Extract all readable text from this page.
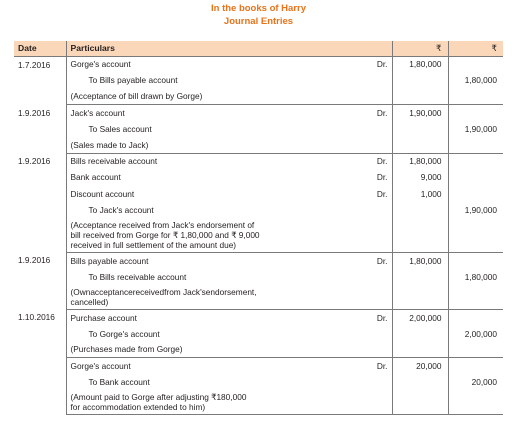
In the books of Harry
Journal Entries
Date	Particulars		₹	₹
1.7.2016	Gorge's account	Dr.	1,80,000	
	To Bills payable account			1,80,000
	(Acceptance of bill drawn by Gorge)			
1.9.2016	Jack's account	Dr.	1,90,000	
	To Sales account			1,90,000
	(Sales made to Jack)			
1.9.2016	Bills receivable account	Dr.	1,80,000	
	Bank account	Dr.	9,000	
	Discount account	Dr.	1,000	
	To Jack's account			1,90,000

	(Acceptance received from Jack's endorsement of
bill received from Gorge for ₹ 1,80,000 and ₹ 9,000
received in full settlement of the amount due)			

1.9.2016	Bills payable account	Dr.	1,80,000	
	To Bills receivable account			1,80,000

	(Ownacceptancereceivedfrom Jack'sendorsement,
cancelled)			

1.10.2016	Purchase account	Dr.	2,00,000	
	To Gorge's account			2,00,000
	(Purchases made from Gorge)			
	Gorge's account	Dr.	20,000	
	To Bank account			20,000

	(Amount paid to Gorge after adjusting ₹180,000
for accommodation extended to him)			
